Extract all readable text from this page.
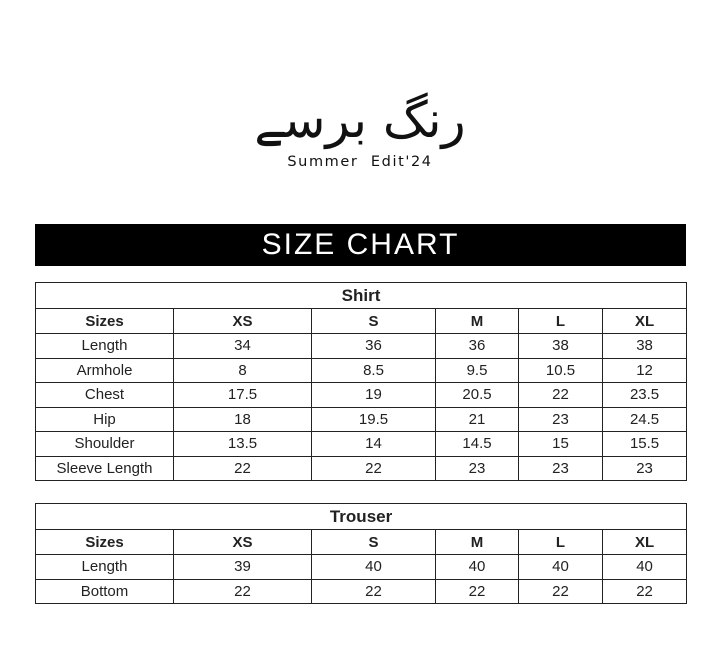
رنگ برسے
Summer  Edit'24
SIZE CHART
Shirt					
Sizes	XS	S	M	L	XL
Length	34	36	36	38	38
Armhole	8	8.5	9.5	10.5	12
Chest	17.5	19	20.5	22	23.5
Hip	18	19.5	21	23	24.5
Shoulder	13.5	14	14.5	15	15.5
Sleeve Length	22	22	23	23	23
Trouser					
Sizes	XS	S	M	L	XL
Length	39	40	40	40	40
Bottom	22	22	22	22	22
